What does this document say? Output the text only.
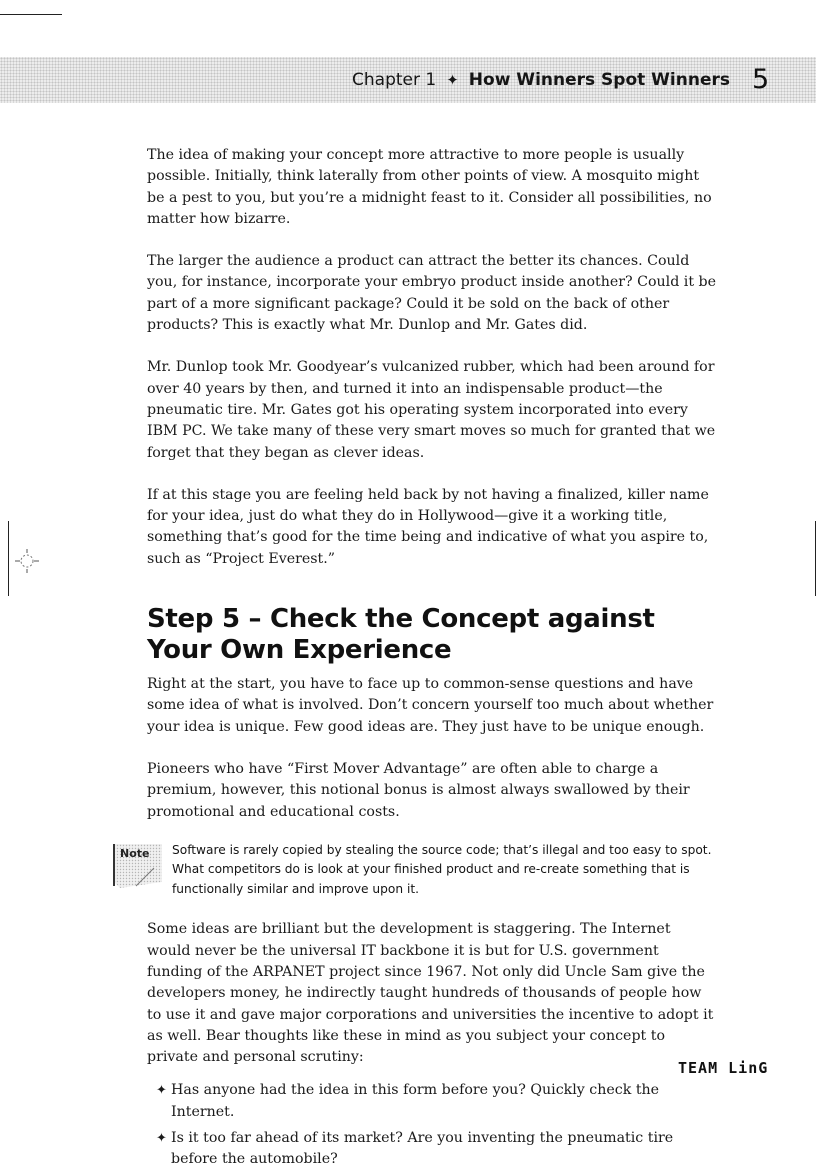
Chapter 1 ✦ How Winners Spot Winners 5

The idea of making your concept more attractive to more people is usually possible. Initially, think laterally from other points of view. A mosquito might be a pest to you, but you’re a midnight feast to it. Consider all possibilities, no matter how bizarre.

The larger the audience a product can attract the better its chances. Could you, for instance, incorporate your embryo product inside another? Could it be part of a more significant package? Could it be sold on the back of other products? This is exactly what Mr. Dunlop and Mr. Gates did.

Mr. Dunlop took Mr. Goodyear’s vulcanized rubber, which had been around for over 40 years by then, and turned it into an indispensable product—the pneumatic tire. Mr. Gates got his operating system incorporated into every IBM PC. We take many of these very smart moves so much for granted that we forget that they began as clever ideas.

If at this stage you are feeling held back by not having a finalized, killer name for your idea, just do what they do in Hollywood—give it a working title, something that’s good for the time being and indicative of what you aspire to, such as “Project Everest.”

Step 5 – Check the Concept against
Your Own Experience

Right at the start, you have to face up to common-sense questions and have some idea of what is involved. Don’t concern yourself too much about whether your idea is unique. Few good ideas are. They just have to be unique enough.

Pioneers who have “First Mover Advantage” are often able to charge a premium, however, this notional bonus is almost always swallowed by their promotional and educational costs.

Note Software is rarely copied by stealing the source code; that’s illegal and too easy to spot. What competitors do is look at your finished product and re-create something that is functionally similar and improve upon it.

Some ideas are brilliant but the development is staggering. The Internet would never be the universal IT backbone it is but for U.S. government funding of the ARPANET project since 1967. Not only did Uncle Sam give the developers money, he indirectly taught hundreds of thousands of people how to use it and gave major corporations and universities the incentive to adopt it as well. Bear thoughts like these in mind as you subject your concept to private and personal scrutiny:

✦ Has anyone had the idea in this form before you? Quickly check the Internet.
✦ Is it too far ahead of its market? Are you inventing the pneumatic tire before the automobile?
TEAM LinG
